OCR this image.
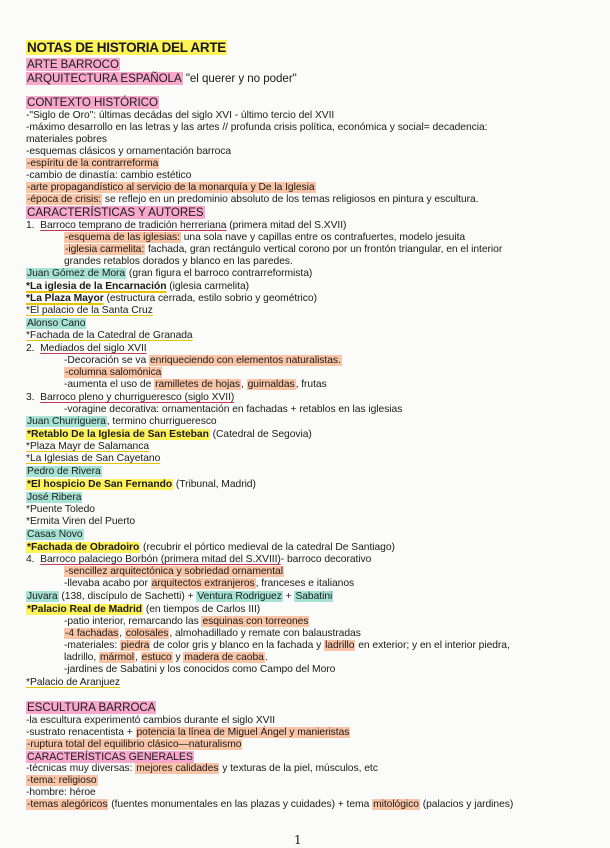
NOTAS DE HISTORIA DEL ARTE
ARTE BARROCO
ARQUITECTURA ESPAÑOLA "el querer y no poder"
CONTEXTO HISTÓRICO
-"Siglo de Oro": últimas decádas del siglo XVI - último tercio del XVII
-máximo desarrollo en las letras y las artes // profunda crisis política, económica y social= decadencia:
materiales pobres
-esquemas clásicos y ornamentación barroca
-espíritu de la contrarreforma
-cambio de dinastía: cambio estético
-arte propagandístico al servicio de la monarquía y De la Iglesia
-época de crisis: se reflejo en un predominio absoluto de los temas religiosos en pintura y escultura.
CARACTERÍSTICAS Y AUTORES
1. Barroco temprano de tradición herreriana (primera mitad del S.XVII)
-esquema de las iglesias: una sola nave y capillas entre os contrafuertes, modelo jesuita
-iglesia carmelita: fachada, gran rectángulo vertical corono por un frontón triangular, en el interior
grandes retablos dorados y blanco en las paredes.
Juan Gómez de Mora (gran figura el barroco contrarreformista)
*La iglesia de la Encarnación (iglesia carmelita)
*La Plaza Mayor (estructura cerrada, estilo sobrio y geométrico)
*El palacio de la Santa Cruz
Alonso Cano
*Fachada de la Catedral de Granada
2. Mediados del siglo XVII
-Decoración se va enriqueciendo con elementos naturalistas.
-columna salomónica
-aumenta el uso de ramilletes de hojas, guirnaldas, frutas
3. Barroco pleno y churrigueresco (siglo XVII)
-voragine decorativa: ornamentación en fachadas + retablos en las iglesias
Juan Churriguera, termino churrigueresco
*Retablo De la Iglesia de San Esteban (Catedral de Segovia)
*Plaza Mayr de Salamanca
*La Iglesias de San Cayetano
Pedro de Rivera
*El hospicio De San Fernando (Tribunal, Madrid)
José Ribera
*Puente Toledo
*Ermita Viren del Puerto
Casas Novo
*Fachada de Obradoiro (recubrir el pórtico medieval de la catedral De Santiago)
4. Barroco palaciego Borbón (primera mitad del S.XVIII)- barroco decorativo
-sencillez arquitectónica y sobriedad ornamental
-llevaba acabo por arquitectos extranjeros, franceses e italianos
Juvara (138, discípulo de Sachetti) + Ventura Rodriguez + Sabatini
*Palacio Real de Madrid (en tiempos de Carlos III)
-patio interior, remarcando las esquinas con torreones
-4 fachadas, colosales, almohadillado y remate con balaustradas
-materiales: piedra de color gris y blanco en la fachada y ladrillo en exterior; y en el interior piedra,
ladrillo, mármol, estuco y madera de caoba.
-jardines de Sabatini y los conocidos como Campo del Moro
*Palacio de Aranjuez
ESCULTURA BARROCA
-la escultura experimentó cambios durante el siglo XVII
-sustrato renacentista + potencia la línea de Miguel Ángel y manieristas
-ruptura total del equilibrio clásico—naturalismo
CARACTERÍSTICAS GENERALES
-técnicas muy diversas: mejores calidades y texturas de la piel, músculos, etc
-tema: religioso
-hombre: héroe
-temas alegóricos (fuentes monumentales en las plazas y cuidades) + tema mitológico (palacios y jardines)
1
